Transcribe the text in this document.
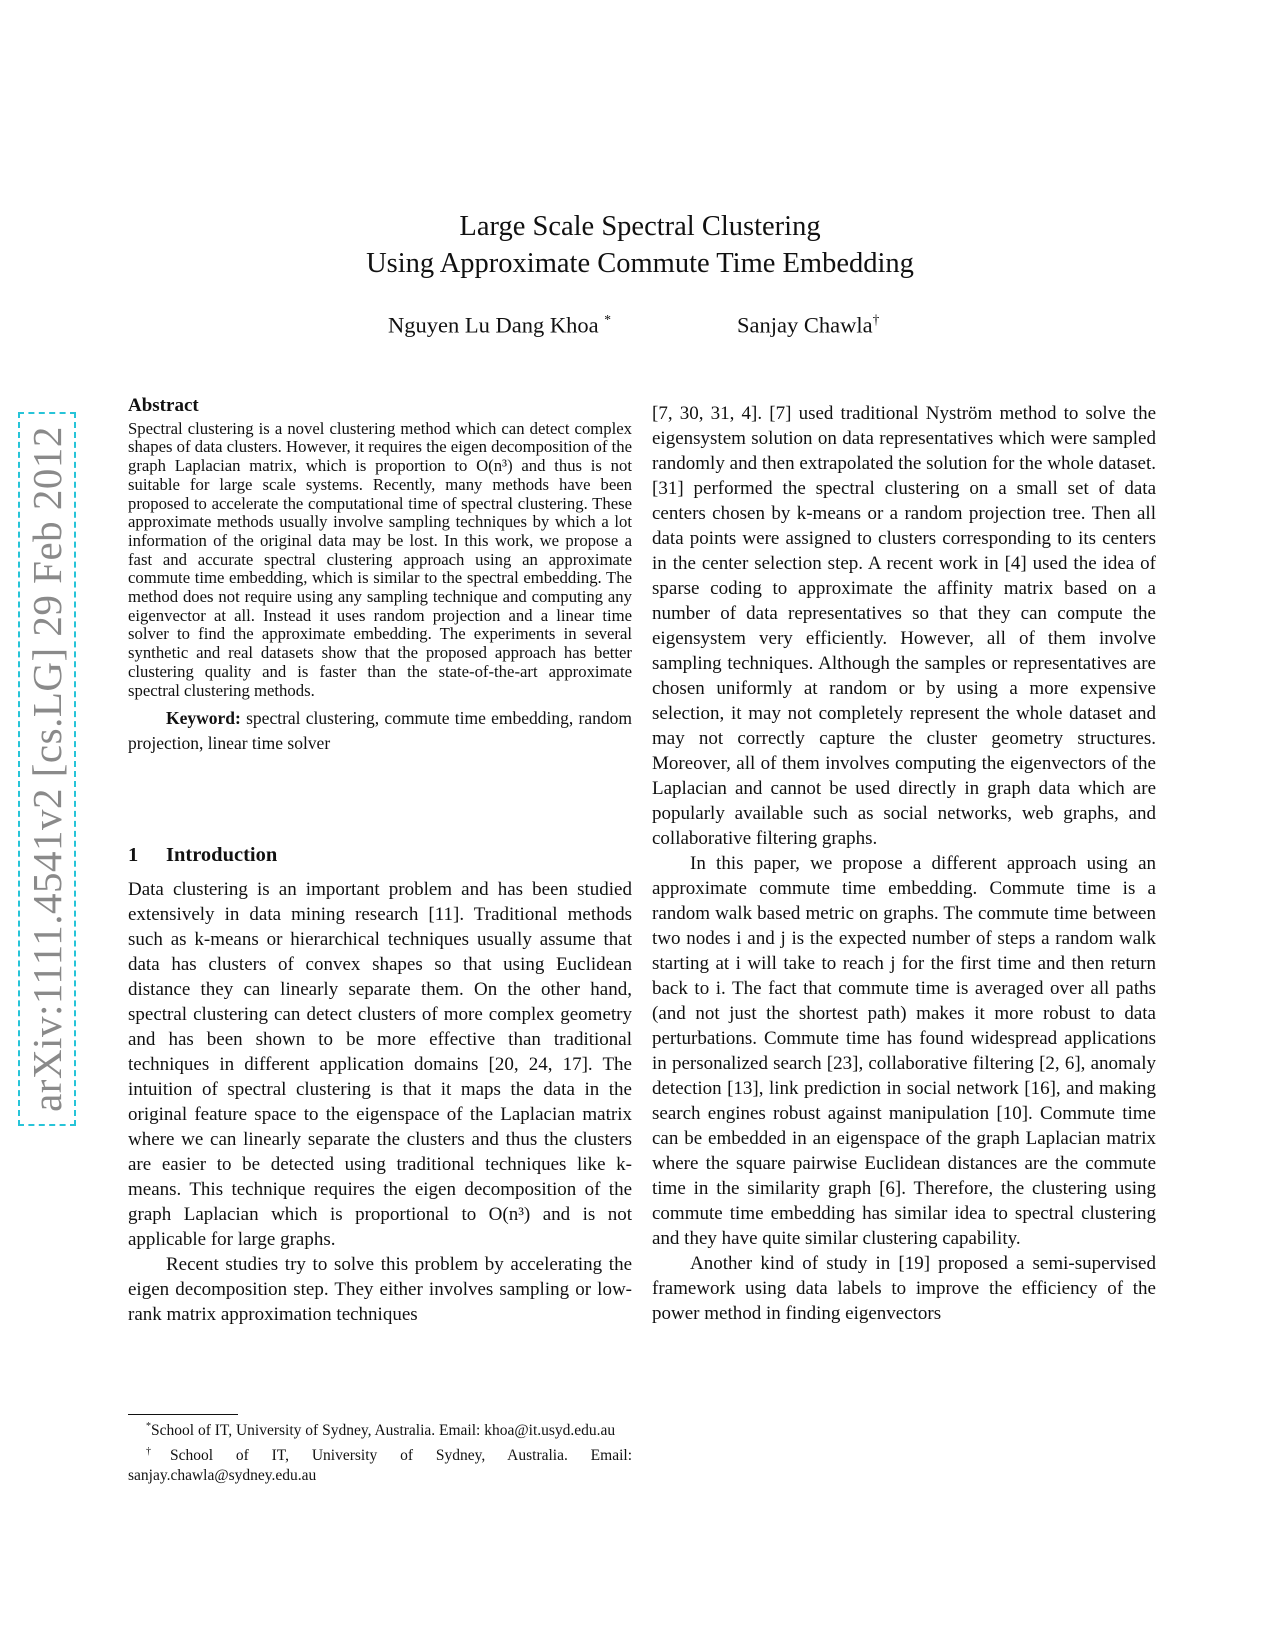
arXiv:1111.4541v2 [cs.LG] 29 Feb 2012
Large Scale Spectral Clustering
Using Approximate Commute Time Embedding
Nguyen Lu Dang Khoa *	Sanjay Chawla†
Abstract

Spectral clustering is a novel clustering method which can detect complex shapes of data clusters. However, it requires the eigen decomposition of the graph Laplacian matrix, which is proportion to O(n³) and thus is not suitable for large scale systems. Recently, many methods have been proposed to accelerate the computational time of spectral clustering. These approximate methods usually involve sampling techniques by which a lot information of the original data may be lost. In this work, we propose a fast and accurate spectral clustering approach using an approximate commute time embedding, which is similar to the spectral embedding. The method does not require using any sampling technique and computing any eigenvector at all. Instead it uses random projection and a linear time solver to find the approximate embedding. The experiments in several synthetic and real datasets show that the proposed approach has better clustering quality and is faster than the state-of-the-art approximate spectral clustering methods.

Keyword: spectral clustering, commute time embedding, random projection, linear time solver
1 Introduction

Data clustering is an important problem and has been studied extensively in data mining research [11]. Traditional methods such as k-means or hierarchical techniques usually assume that data has clusters of convex shapes so that using Euclidean distance they can linearly separate them. On the other hand, spectral clustering can detect clusters of more complex geometry and has been shown to be more effective than traditional techniques in different application domains [20, 24, 17]. The intuition of spectral clustering is that it maps the data in the original feature space to the eigenspace of the Laplacian matrix where we can linearly separate the clusters and thus the clusters are easier to be detected using traditional techniques like k-means. This technique requires the eigen decomposition of the graph Laplacian which is proportional to O(n³) and is not applicable for large graphs.

Recent studies try to solve this problem by accelerating the eigen decomposition step. They either involves sampling or low-rank matrix approximation techniques

[7, 30, 31, 4]. [7] used traditional Nyström method to solve the eigensystem solution on data representatives which were sampled randomly and then extrapolated the solution for the whole dataset. [31] performed the spectral clustering on a small set of data centers chosen by k-means or a random projection tree. Then all data points were assigned to clusters corresponding to its centers in the center selection step. A recent work in [4] used the idea of sparse coding to approximate the affinity matrix based on a number of data representatives so that they can compute the eigensystem very efficiently. However, all of them involve sampling techniques. Although the samples or representatives are chosen uniformly at random or by using a more expensive selection, it may not completely represent the whole dataset and may not correctly capture the cluster geometry structures. Moreover, all of them involves computing the eigenvectors of the Laplacian and cannot be used directly in graph data which are popularly available such as social networks, web graphs, and collaborative filtering graphs.

In this paper, we propose a different approach using an approximate commute time embedding. Commute time is a random walk based metric on graphs. The commute time between two nodes i and j is the expected number of steps a random walk starting at i will take to reach j for the first time and then return back to i. The fact that commute time is averaged over all paths (and not just the shortest path) makes it more robust to data perturbations. Commute time has found widespread applications in personalized search [23], collaborative filtering [2, 6], anomaly detection [13], link prediction in social network [16], and making search engines robust against manipulation [10]. Commute time can be embedded in an eigenspace of the graph Laplacian matrix where the square pairwise Euclidean distances are the commute time in the similarity graph [6]. Therefore, the clustering using commute time embedding has similar idea to spectral clustering and they have quite similar clustering capability.

Another kind of study in [19] proposed a semi-supervised framework using data labels to improve the efficiency of the power method in finding eigenvectors

*School of IT, University of Sydney, Australia. Email: khoa@it.usyd.edu.au

†School of IT, University of Sydney, Australia. Email: sanjay.chawla@sydney.edu.au
